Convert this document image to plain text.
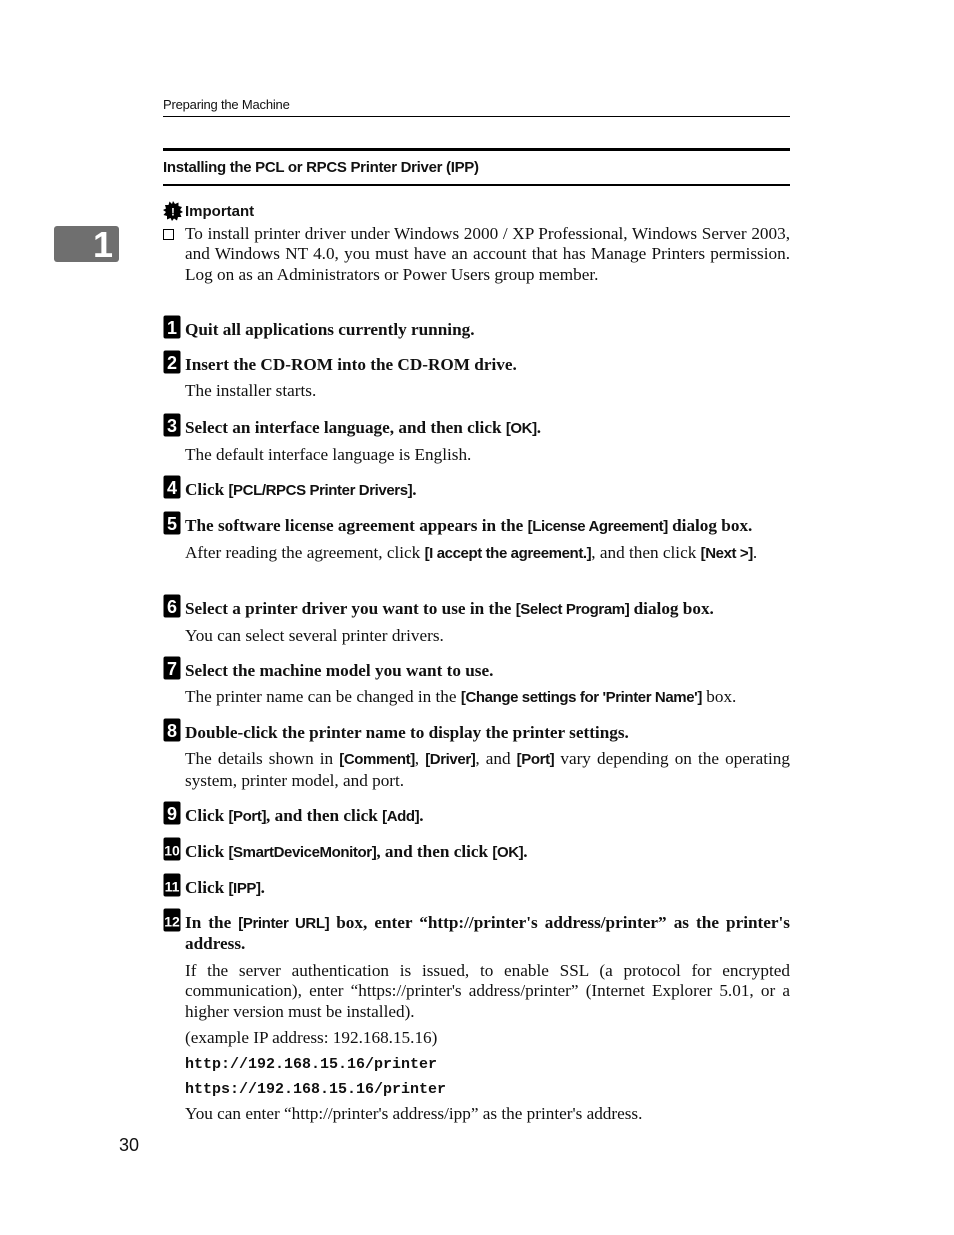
Preparing the Machine
Installing the PCL or RPCS Printer Driver (IPP)
1
! Important
To install printer driver under Windows 2000 / XP Professional, Windows Server 2003, and Windows NT 4.0, you must have an account that has Manage Printers permission. Log on as an Administrators or Power Users group member.
1 Quit all applications currently running.
2 Insert the CD-ROM into the CD-ROM drive.
The installer starts.
3 Select an interface language, and then click [OK].
The default interface language is English.
4 Click [PCL/RPCS Printer Drivers].
5 The software license agreement appears in the [License Agreement] dialog box.
After reading the agreement, click [I accept the agreement.], and then click [Next >].
6 Select a printer driver you want to use in the [Select Program] dialog box.
You can select several printer drivers.
7 Select the machine model you want to use.
The printer name can be changed in the [Change settings for 'Printer Name'] box.
8 Double-click the printer name to display the printer settings.
The details shown in [Comment], [Driver], and [Port] vary depending on the operating system, printer model, and port.
9 Click [Port], and then click [Add].
10 Click [SmartDeviceMonitor], and then click [OK].
11 Click [IPP].
12 In the [Printer URL] box, enter “http://printer's address/printer” as the printer's address.
If the server authentication is issued, to enable SSL (a protocol for encrypted communication), enter “https://printer's address/printer” (Internet Explorer 5.01, or a higher version must be installed).
(example IP address: 192.168.15.16)
http://192.168.15.16/printer
https://192.168.15.16/printer
You can enter “http://printer's address/ipp” as the printer's address.
30
